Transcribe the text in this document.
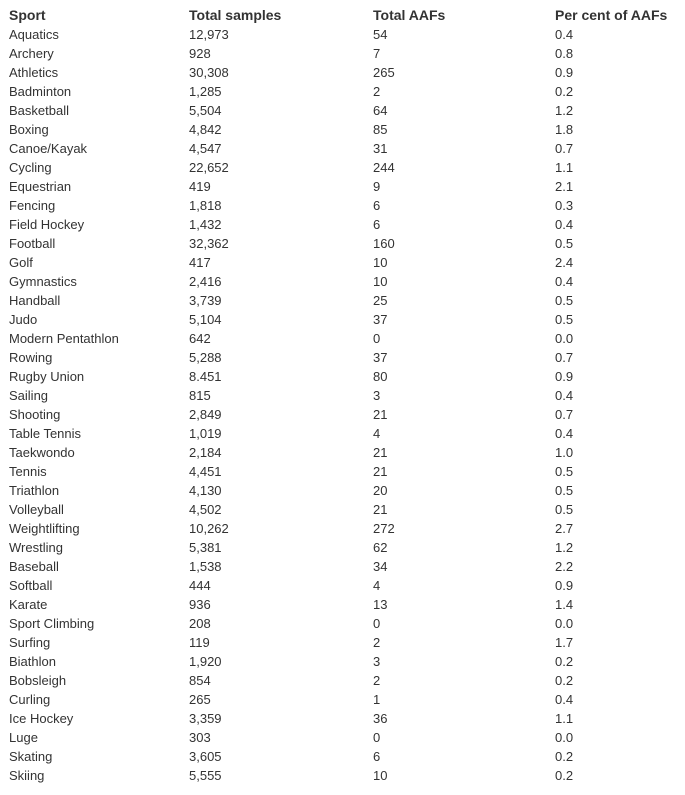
Sport	Total samples	Total AAFs	Per cent of AAFs
Aquatics	12,973	54	0.4
Archery	928	7	0.8
Athletics	30,308	265	0.9
Badminton	1,285	2	0.2
Basketball	5,504	64	1.2
Boxing	4,842	85	1.8
Canoe/Kayak	4,547	31	0.7
Cycling	22,652	244	1.1
Equestrian	419	9	2.1
Fencing	1,818	6	0.3
Field Hockey	1,432	6	0.4
Football	32,362	160	0.5
Golf	417	10	2.4
Gymnastics	2,416	10	0.4
Handball	3,739	25	0.5
Judo	5,104	37	0.5
Modern Pentathlon	642	0	0.0
Rowing	5,288	37	0.7
Rugby Union	8.451	80	0.9
Sailing	815	3	0.4
Shooting	2,849	21	0.7
Table Tennis	1,019	4	0.4
Taekwondo	2,184	21	1.0
Tennis	4,451	21	0.5
Triathlon	4,130	20	0.5
Volleyball	4,502	21	0.5
Weightlifting	10,262	272	2.7
Wrestling	5,381	62	1.2
Baseball	1,538	34	2.2
Softball	444	4	0.9
Karate	936	13	1.4
Sport Climbing	208	0	0.0
Surfing	119	2	1.7
Biathlon	1,920	3	0.2
Bobsleigh	854	2	0.2
Curling	265	1	0.4
Ice Hockey	3,359	36	1.1
Luge	303	0	0.0
Skating	3,605	6	0.2
Skiing	5,555	10	0.2
